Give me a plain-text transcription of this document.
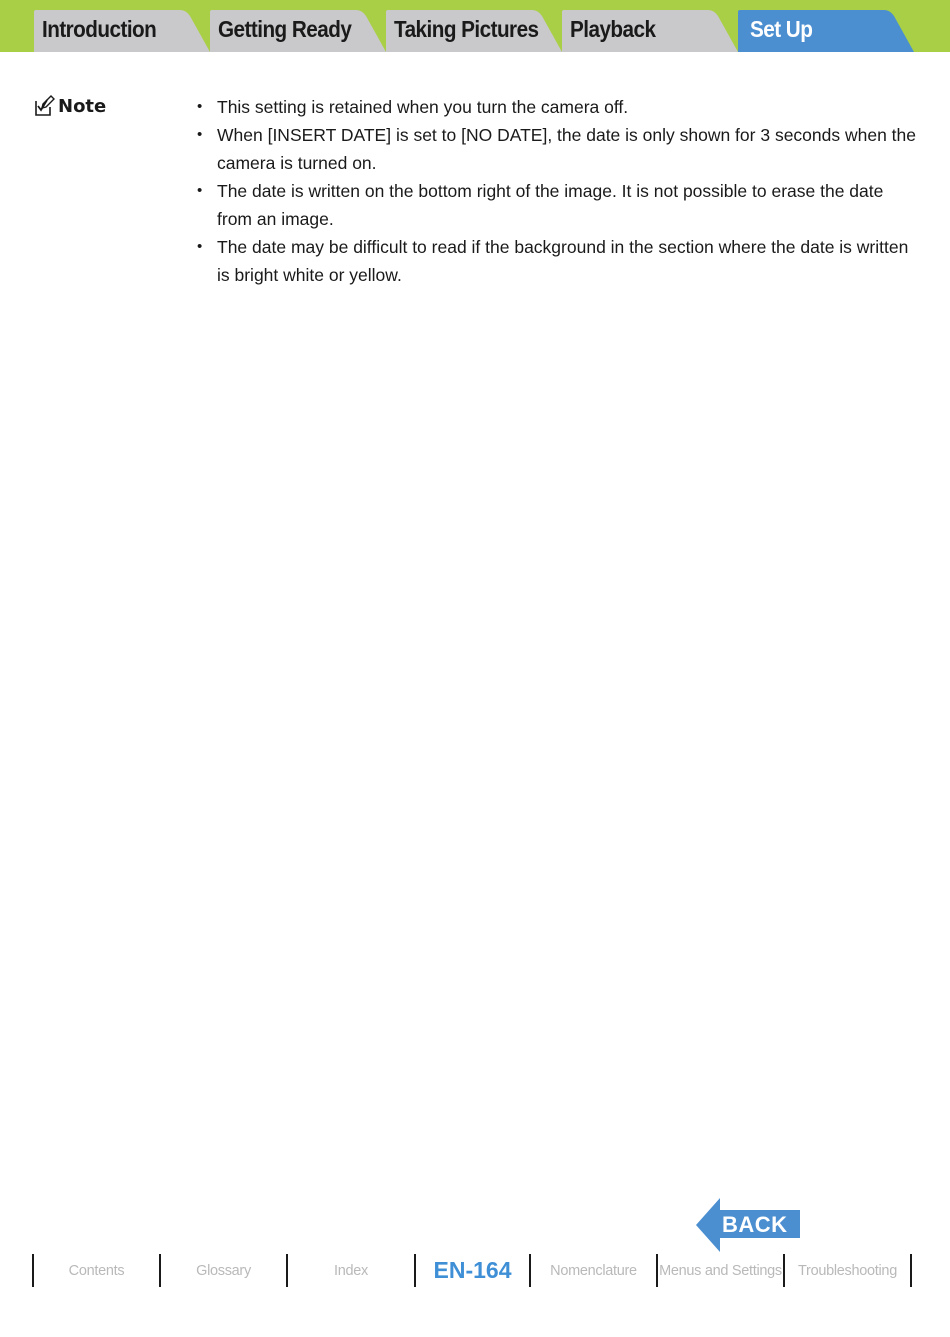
Introduction	Getting Ready Taking Pictures Playback	Set Up
Note
•	This setting is retained when you turn the camera off.
• When [INSERT DATE] is set to [NO DATE], the date is only shown for 3 seconds when the camera is turned on.
• The date is written on the bottom right of the image. It is not possible to erase the date from an image.
• The date may be difficult to read if the background in the section where the date is written is bright white or yellow.
BACK
Contents	Glossary	Index	EN-164	Nomenclature	Menus and Settings	Troubleshooting
